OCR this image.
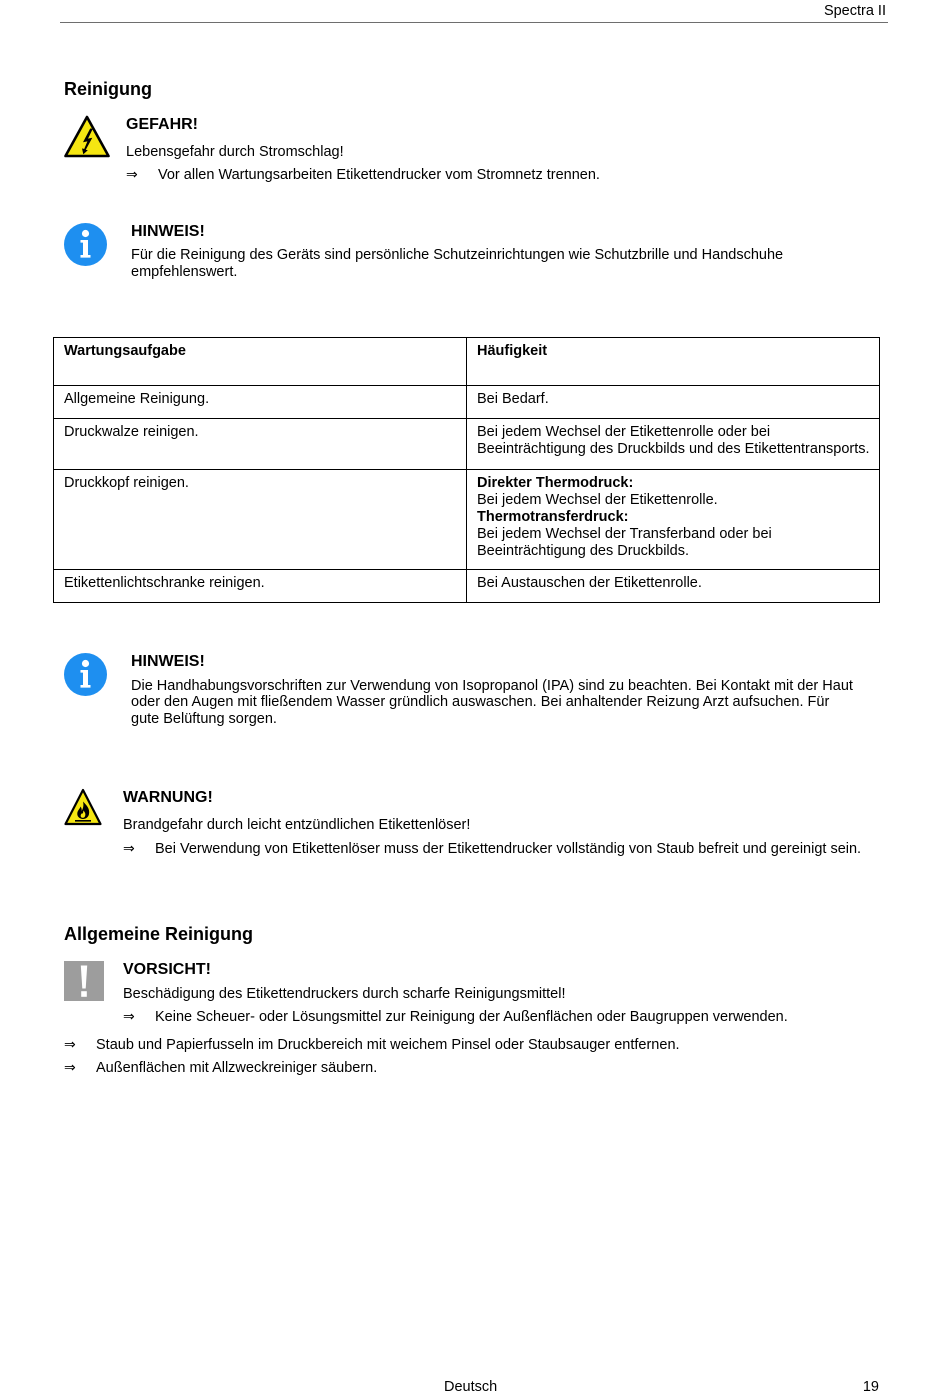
Spectra II
Reinigung
GEFAHR!
Lebensgefahr durch Stromschlag!
⇒ Vor allen Wartungsarbeiten Etikettendrucker vom Stromnetz trennen.
HINWEIS!
Für die Reinigung des Geräts sind persönliche Schutzeinrichtungen wie Schutzbrille und Handschuhe
empfehlenswert.
Wartungsaufgabe	Häufigkeit
Allgemeine Reinigung.	Bei Bedarf.

Druckwalze reinigen.	Bei jedem Wechsel der Etikettenrolle oder bei
Beeinträchtigung des Druckbilds und des Etikettentransports.

Druckkopf reinigen.	Direkter Thermodruck:
Bei jedem Wechsel der Etikettenrolle.
Thermotransferdruck:
Bei jedem Wechsel der Transferband oder bei
Beeinträchtigung des Druckbilds.

Etikettenlichtschranke reinigen.	Bei Austauschen der Etikettenrolle.
HINWEIS!
Die Handhabungsvorschriften zur Verwendung von Isopropanol (IPA) sind zu beachten. Bei Kontakt mit der Haut
oder den Augen mit fließendem Wasser gründlich auswaschen. Bei anhaltender Reizung Arzt aufsuchen. Für
gute Belüftung sorgen.
WARNUNG!
Brandgefahr durch leicht entzündlichen Etikettenlöser!
⇒ Bei Verwendung von Etikettenlöser muss der Etikettendrucker vollständig von Staub befreit und gereinigt sein.
Allgemeine Reinigung
VORSICHT!
Beschädigung des Etikettendruckers durch scharfe Reinigungsmittel!
⇒ Keine Scheuer- oder Lösungsmittel zur Reinigung der Außenflächen oder Baugruppen verwenden.
⇒ Staub und Papierfusseln im Druckbereich mit weichem Pinsel oder Staubsauger entfernen.
⇒ Außenflächen mit Allzweckreiniger säubern.
Deutsch	19
